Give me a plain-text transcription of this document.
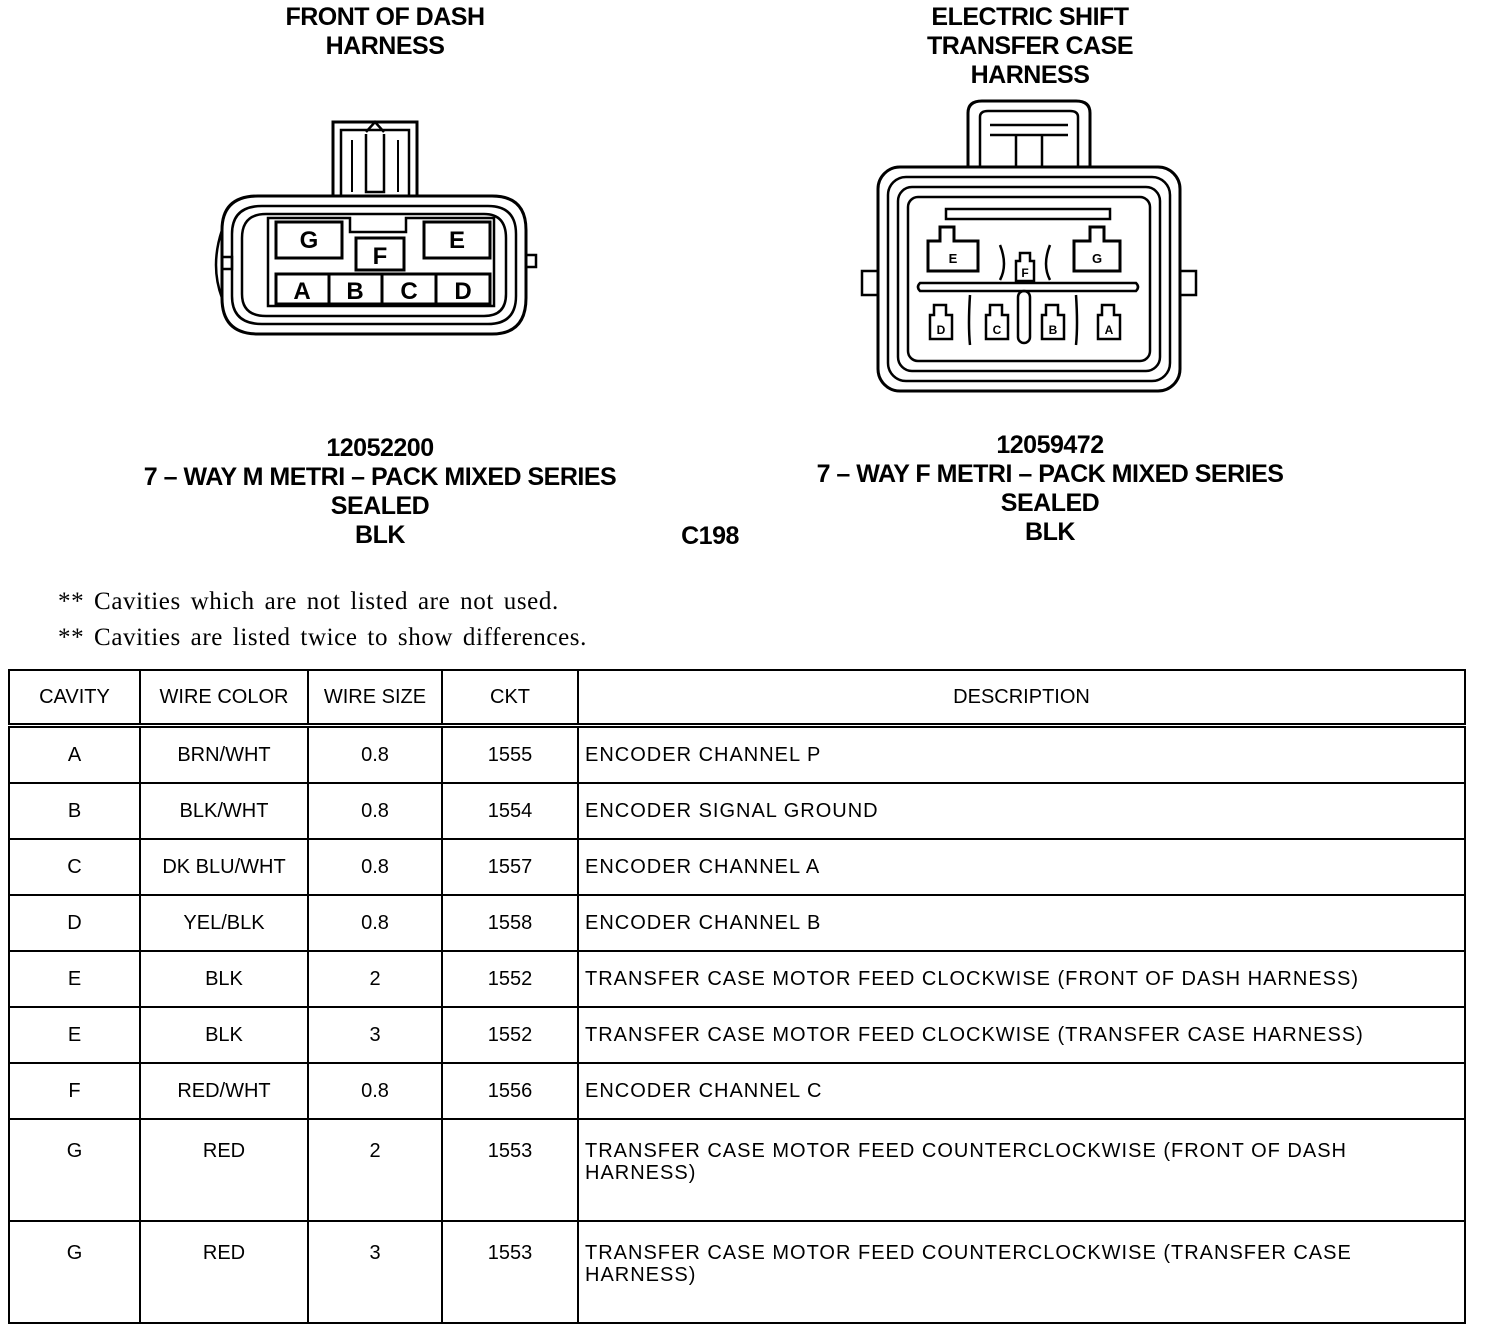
FRONT OF DASH
HARNESS
ELECTRIC SHIFT
TRANSFER CASE
HARNESS
G	E
F
A B C D
E
F
G
D	C	B	A
12052200
7 – WAY M METRI – PACK MIXED SERIES
SEALED
BLK
12059472
7 – WAY F METRI – PACK MIXED SERIES
SEALED
BLK
C198
** Cavities which are not listed are not used.
** Cavities are listed twice to show differences.
CAVITY	WIRE COLOR	WIRE SIZE	CKT	DESCRIPTION
A	BRN/WHT	0.8	1555	ENCODER CHANNEL P
B	BLK/WHT	0.8	1554	ENCODER SIGNAL GROUND
C	DK BLU/WHT	0.8	1557	ENCODER CHANNEL A
D	YEL/BLK	0.8	1558	ENCODER CHANNEL B
E	BLK	2	1552	TRANSFER CASE MOTOR FEED CLOCKWISE (FRONT OF DASH HARNESS)
E	BLK	3	1552	TRANSFER CASE MOTOR FEED CLOCKWISE (TRANSFER CASE HARNESS)
F	RED/WHT	0.8	1556	ENCODER CHANNEL C
G	RED	2	1553	TRANSFER CASE MOTOR FEED COUNTERCLOCKWISE (FRONT OF DASH HARNESS)
G	RED	3	1553	TRANSFER CASE MOTOR FEED COUNTERCLOCKWISE (TRANSFER CASE HARNESS)
